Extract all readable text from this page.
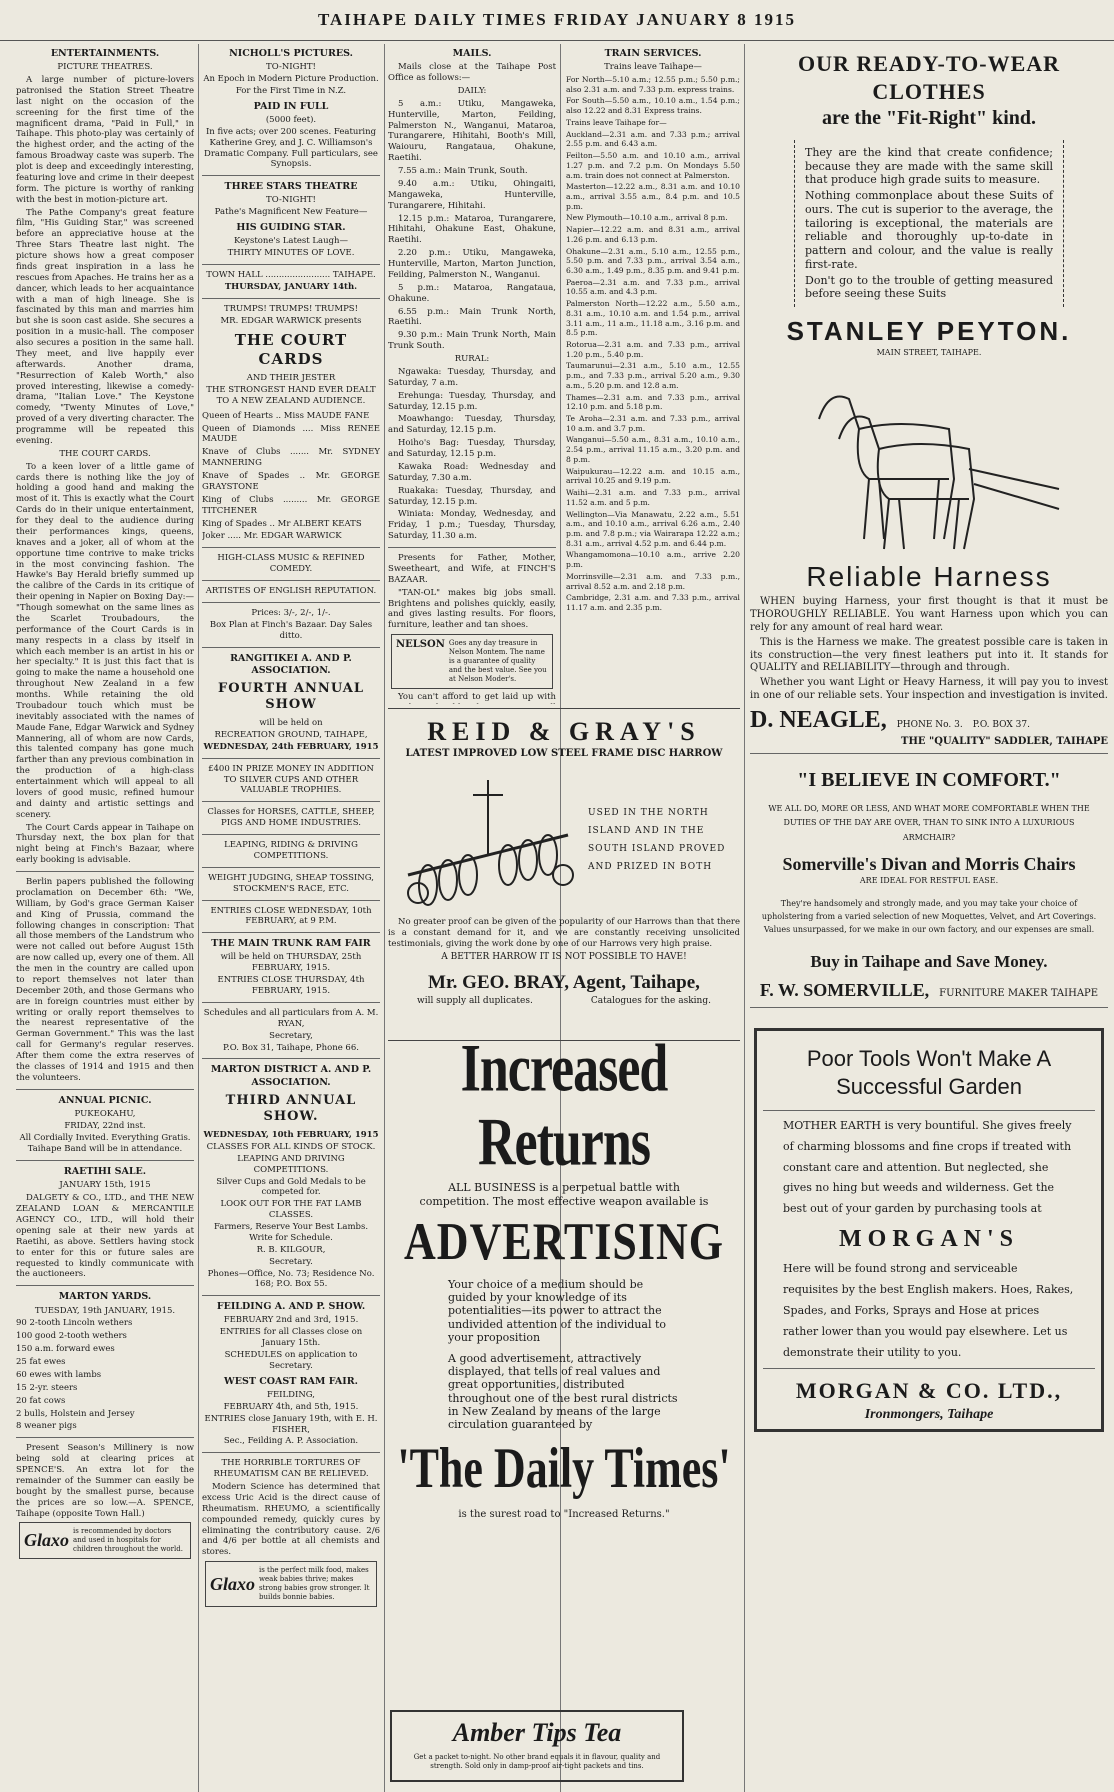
TAIHAPE DAILY TIMES FRIDAY JANUARY 8 1915
ENTERTAINMENTS.
PICTURE THEATRES.

A large number of picture-lovers patronised the Station Street Theatre last night on the occasion of the screening for the first time of the magnificent drama, "Paid in Full," in Taihape. This photo-play was certainly of the highest order, and the acting of the famous Broadway caste was superb. The plot is deep and exceedingly interesting, featuring love and crime in their deepest form. The picture is worthy of ranking with the best in motion-picture art.

The Pathe Company's great feature film, "His Guiding Star," was screened before an appreciative house at the Three Stars Theatre last night. The picture shows how a great composer finds great inspiration in a lass he rescues from Apaches. He trains her as a dancer, which leads to her acquaintance with a man of high lineage. She is fascinated by this man and marries him but she is soon cast aside. She secures a position in a music-hall. The composer also secures a position in the same hall. They meet, and live happily ever afterwards. Another drama, "Resurrection of Kaleb Worth," also proved interesting, likewise a comedy-drama, "Italian Love." The Keystone comedy, "Twenty Minutes of Love," proved of a very diverting character. The programme will be repeated this evening.

THE COURT CARDS.

To a keen lover of a little game of cards there is nothing like the joy of holding a good hand and making the most of it. This is exactly what the Court Cards do in their unique entertainment, for they deal to the audience during their performances kings, queens, knaves and a joker, all of whom at the opportune time contrive to make tricks in the most convincing fashion. The Hawke's Bay Herald briefly summed up the calibre of the Cards in its critique of their opening in Napier on Boxing Day:— "Though somewhat on the same lines as the Scarlet Troubadours, the performance of the Court Cards is in many respects in a class by itself in which each member is an artist in his or her specialty." It is just this fact that is going to make the name a household one throughout New Zealand in a few months. While retaining the old Troubadour touch which must be inevitably associated with the names of Maude Fane, Edgar Warwick and Sydney Mannering, all of whom are now Cards, this talented company has gone much farther than any previous combination in the production of a high-class entertainment which will appeal to all lovers of good music, refined humour and dainty and artistic settings and scenery.

The Court Cards appear in Taihape on Thursday next, the box plan for that night being at Finch's Bazaar, where early booking is advisable.

Berlin papers published the following proclamation on December 6th: "We, William, by God's grace German Kaiser and King of Prussia, command the following changes in conscription: That all those members of the Landstrum who were not called out before August 15th are now called up, every one of them. All the men in the country are called upon to report themselves not later than December 20th, and those Germans who are in foreign countries must either by writing or orally report themselves to the nearest representative of the German Government." This was the last call for Germany's regular reserves. After them come the extra reserves of the classes of 1914 and 1915 and then the volunteers.

ANNUAL PICNIC.
PUKEOKAHU,
FRIDAY, 22nd inst.
All Cordially Invited. Everything Gratis.
Taihape Band will be in attendance.
RAETIHI SALE.
JANUARY 15th, 1915

DALGETY & CO., LTD., and THE NEW ZEALAND LOAN & MERCANTILE AGENCY CO., LTD., will hold their opening sale at their new yards at Raetihi, as above. Settlers having stock to enter for this or future sales are requested to kindly communicate with the auctioneers.

MARTON YARDS.
TUESDAY, 19th JANUARY, 1915.

90 2-tooth Lincoln wethers

100 good 2-tooth wethers

150 a.m. forward ewes

25 fat ewes

60 ewes with lambs

15 2-yr. steers

20 fat cows

2 bulls, Holstein and Jersey

8 weaner pigs

Present Season's Millinery is now being sold at clearing prices at SPENCE'S. An extra lot for the remainder of the Summer can easily be bought by the smallest purse, because the prices are so low.—A. SPENCE, Taihape (opposite Town Hall.)

Glaxo is recommended by doctors and used in hospitals for children throughout the world.
NICHOLL'S PICTURES.
TO-NIGHT!
An Epoch in Modern Picture Production.
For the First Time in N.Z.
PAID IN FULL
(5000 feet).
In five acts; over 200 scenes. Featuring Katherine Grey, and J. C. Williamson's Dramatic Company. Full particulars, see Synopsis.
THREE STARS THEATRE
TO-NIGHT!
Pathe's Magnificent New Feature—
HIS GUIDING STAR.
Keystone's Latest Laugh—
THIRTY MINUTES OF LOVE.
TOWN HALL ........................ TAIHAPE.
THURSDAY, JANUARY 14th.
TRUMPS! TRUMPS! TRUMPS!
MR. EDGAR WARWICK presents
THE COURT CARDS
AND THEIR JESTER
THE STRONGEST HAND EVER DEALT TO A NEW ZEALAND AUDIENCE.

Queen of Hearts .. Miss MAUDE FANE

Queen of Diamonds .... Miss RENEE MAUDE

Knave of Clubs ....... Mr. SYDNEY MANNERING

Knave of Spades .. Mr. GEORGE GRAYSTONE

King of Clubs ......... Mr. GEORGE TITCHENER

King of Spades .. Mr ALBERT KEATS

Joker ..... Mr. EDGAR WARWICK

HIGH-CLASS MUSIC & REFINED COMEDY.
ARTISTES OF ENGLISH REPUTATION.
Prices: 3/-, 2/-, 1/-.
Box Plan at Finch's Bazaar. Day Sales ditto.
RANGITIKEI A. AND P. ASSOCIATION.
FOURTH ANNUAL SHOW
will be held on
RECREATION GROUND, TAIHAPE,
WEDNESDAY, 24th FEBRUARY, 1915
£400 IN PRIZE MONEY IN ADDITION TO SILVER CUPS AND OTHER VALUABLE TROPHIES.
Classes for HORSES, CATTLE, SHEEP, PIGS AND HOME INDUSTRIES.
LEAPING, RIDING & DRIVING COMPETITIONS.
WEIGHT JUDGING, SHEAP TOSSING, STOCKMEN'S RACE, ETC.
ENTRIES CLOSE WEDNESDAY, 10th FEBRUARY, at 9 P.M.
THE MAIN TRUNK RAM FAIR
will be held on THURSDAY, 25th FEBRUARY, 1915.
ENTRIES CLOSE THURSDAY, 4th FEBRUARY, 1915.
Schedules and all particulars from A. M. RYAN,
Secretary,
P.O. Box 31, Taihape, Phone 66.
MARTON DISTRICT A. AND P. ASSOCIATION.
THIRD ANNUAL SHOW.
WEDNESDAY, 10th FEBRUARY, 1915
CLASSES FOR ALL KINDS OF STOCK.
LEAPING AND DRIVING COMPETITIONS.
Silver Cups and Gold Medals to be competed for.
LOOK OUT FOR THE FAT LAMB CLASSES.
Farmers, Reserve Your Best Lambs. Write for Schedule.
R. B. KILGOUR,
Secretary.
Phones—Office, No. 73; Residence No. 168; P.O. Box 55.
FEILDING A. AND P. SHOW.
FEBRUARY 2nd and 3rd, 1915.
ENTRIES for all Classes close on January 15th.
SCHEDULES on application to Secretary.
WEST COAST RAM FAIR.
FEILDING,
FEBRUARY 4th, and 5th, 1915.
ENTRIES close January 19th, with E. H. FISHER,
Sec., Feilding A. P. Association.
THE HORRIBLE TORTURES OF RHEUMATISM CAN BE RELIEVED.

Modern Science has determined that excess Uric Acid is the direct cause of Rheumatism. RHEUMO, a scientifically compounded remedy, quickly cures by eliminating the contributory cause. 2/6 and 4/6 per bottle at all chemists and stores.

Glaxo
is the perfect milk food, makes weak babies thrive; makes strong babies grow stronger. It builds bonnie babies.
MAILS.

Mails close at the Taihape Post Office as follows:—

DAILY:

5 a.m.: Utiku, Mangaweka, Hunterville, Marton, Feilding, Palmerston N., Wanganui, Mataroa, Turangarere, Hihitahi, Booth's Mill, Waiouru, Rangataua, Ohakune, Raetihi.

7.55 a.m.: Main Trunk, South.

9.40 a.m.: Utiku, Ohingaiti, Mangaweka, Hunterville, Turangarere, Hihitahi.

12.15 p.m.: Mataroa, Turangarere, Hihitahi, Ohakune East, Ohakune, Raetihi.

2.20 p.m.: Utiku, Mangaweka, Hunterville, Marton, Marton Junction, Feilding, Palmerston N., Wanganui.

5 p.m.: Mataroa, Rangataua, Ohakune.

6.55 p.m.: Main Trunk North, Raetihi.

9.30 p.m.: Main Trunk North, Main Trunk South.

RURAL:

Ngawaka: Tuesday, Thursday, and Saturday, 7 a.m.

Erehunga: Tuesday, Thursday, and Saturday, 12.15 p.m.

Moawhango: Tuesday, Thursday, and Saturday, 12.15 p.m.

Hoiho's Bag: Tuesday, Thursday, and Saturday, 12.15 p.m.

Kawaka Road: Wednesday and Saturday, 7.30 a.m.

Ruakaka: Tuesday, Thursday, and Saturday, 12.15 p.m.

Winiata: Monday, Wednesday, and Friday, 1 p.m.; Tuesday, Thursday, Saturday, 11.30 a.m.

Presents for Father, Mother, Sweetheart, and Wife, at FINCH'S BAZAAR.

"TAN-OL" makes big jobs small. Brightens and polishes quickly, easily, and gives lasting results. For floors, furniture, leather and tan shoes.

NELSON Goes any day treasure in Nelson Montem. The name is a guarantee of quality and the best value. See you at Nelson Moder's.

You can't afford to get laid up with

TRAIN SERVICES.
Trains leave Taihape—

For North—5.10 a.m.; 12.55 p.m.; 5.50 p.m.; also 2.31 a.m. and 7.33 p.m. express trains.

For South—5.50 a.m., 10.10 a.m., 1.54 p.m.; also 12.22 and 8.31 Express trains.

Trains leave Taihape for—

Auckland—2.31 a.m. and 7.33 p.m.; arrival 2.55 p.m. and 6.43 a.m.

Feilton—5.50 a.m. and 10.10 a.m., arrival 1.27 p.m. and 7.2 p.m. On Mondays 5.50 a.m. train does not connect at Palmerston.

Masterton—12.22 a.m., 8.31 a.m. and 10.10 a.m., arrival 3.55 a.m., 8.4 p.m. and 10.5 p.m.

New Plymouth—10.10 a.m., arrival 8 p.m.

Napier—12.22 a.m. and 8.31 a.m., arrival 1.26 p.m. and 6.13 p.m.

Ohakune—2.31 a.m., 5.10 a.m., 12.55 p.m., 5.50 p.m. and 7.33 p.m., arrival 3.54 a.m., 6.30 a.m., 1.49 p.m., 8.35 p.m. and 9.41 p.m.

Paeroa—2.31 a.m. and 7.33 p.m., arrival 10.55 a.m. and 4.3 p.m.

Palmerston North—12.22 a.m., 5.50 a.m., 8.31 a.m., 10.10 a.m. and 1.54 p.m., arrival 3.11 a.m., 11 a.m., 11.18 a.m., 3.16 p.m. and 8.5 p.m.

Rotorua—2.31 a.m. and 7.33 p.m., arrival 1.20 p.m., 5.40 p.m.

Taumarunui—2.31 a.m., 5.10 a.m., 12.55 p.m., and 7.33 p.m., arrival 5.20 a.m., 9.30 a.m., 5.20 p.m. and 12.8 a.m.

Thames—2.31 a.m. and 7.33 p.m., arrival 12.10 p.m. and 5.18 p.m.

Te Aroha—2.31 a.m. and 7.33 p.m., arrival 10 a.m. and 3.7 p.m.

Wanganui—5.50 a.m., 8.31 a.m., 10.10 a.m., 2.54 p.m., arrival 11.15 a.m., 3.20 p.m. and 8 p.m.

Waipukurau—12.22 a.m. and 10.15 a.m., arrival 10.25 and 9.19 p.m.

Waihi—2.31 a.m. and 7.33 p.m., arrival 11.52 a.m. and 5 p.m.

Wellington—Via Manawatu, 2.22 a.m., 5.51 a.m., and 10.10 a.m., arrival 6.26 a.m., 2.40 p.m. and 7.8 p.m.; via Wairarapa 12.22 a.m.; 8.31 a.m., arrival 4.52 p.m. and 6.44 p.m.

Whangamomona—10.10 a.m., arrive 2.20 p.m.

Morrinsville—2.31 a.m. and 7.33 p.m., arrival 8.52 a.m. and 2.18 p.m.

Cambridge, 2.31 a.m. and 7.33 p.m., arrival 11.17 a.m. and 2.35 p.m.

REID & GRAY'S
LATEST IMPROVED LOW STEEL FRAME DISC HARROW
USED IN THE NORTH ISLAND AND IN THE SOUTH ISLAND PROVED AND PRIZED IN BOTH

No greater proof can be given of the popularity of our Harrows than that there is a constant demand for it, and we are constantly receiving unsolicited testimonials, giving the work done by one of our Harrows very high praise.

A BETTER HARROW IT IS NOT POSSIBLE TO HAVE!
Mr. GEO. BRAY, Agent, Taihape,
will supply all duplicates.	Catalogues for the asking.
Increased Returns
ALL BUSINESS is a perpetual battle with competition. The most effective weapon available is
ADVERTISING
Your choice of a medium should be guided by your knowledge of its potentialities—its power to attract the undivided attention of the individual to your proposition
A good advertisement, attractively displayed, that tells of real values and great opportunities, distributed throughout one of the best rural districts in New Zealand by means of the large circulation guaranteed by
'The Daily Times'
is the surest road to "Increased Returns."
Amber Tips Tea
Get a packet to-night. No other brand equals it in flavour, quality and strength. Sold only in damp-proof air-tight packets and tins.
OUR READY-TO-WEAR CLOTHES
are the "Fit-Right" kind.

They are the kind that create confidence; because they are made with the same skill that produce high grade suits to measure.

Nothing commonplace about these Suits of ours. The cut is superior to the average, the tailoring is exceptional, the materials are reliable and thoroughly up-to-date in pattern and colour, and the value is really first-rate.

Don't go to the trouble of getting measured before seeing these Suits

STANLEY PEYTON.
MAIN STREET, TAIHAPE.
Reliable Harness

WHEN buying Harness, your first thought is that it must be THOROUGHLY RELIABLE. You want Harness upon which you can rely for any amount of real hard wear.

This is the Harness we make. The greatest possible care is taken in its construction—the very finest leathers put into it. It stands for QUALITY and RELIABILITY—through and through.

Whether you want Light or Heavy Harness, it will pay you to invest in one of our reliable sets. Your inspection and investigation is invited.

D. NEAGLE, PHONE No. 3. P.O. BOX 37.
THE "QUALITY" SADDLER, TAIHAPE
"I BELIEVE IN COMFORT."
WE ALL DO, MORE OR LESS, AND WHAT MORE COMFORTABLE WHEN THE DUTIES OF THE DAY ARE OVER, THAN TO SINK INTO A LUXURIOUS ARMCHAIR?
Somerville's Divan and Morris Chairs
ARE IDEAL FOR RESTFUL EASE.
They're handsomely and strongly made, and you may take your choice of upholstering from a varied selection of new Moquettes, Velvet, and Art Coverings. Values unsurpassed, for we make in our own factory, and our expenses are small.
Buy in Taihape and Save Money.
F. W. SOMERVILLE, FURNITURE MAKER TAIHAPE
Poor Tools Won't Make A Successful Garden
MOTHER EARTH is very bountiful. She gives freely of charming blossoms and fine crops if treated with constant care and attention. But neglected, she gives no hing but weeds and wilderness. Get the best out of your garden by purchasing tools at
MORGAN'S
Here will be found strong and serviceable requisites by the best English makers. Hoes, Rakes, Spades, and Forks, Sprays and Hose at prices rather lower than you would pay elsewhere. Let us demonstrate their utility to you.
MORGAN & CO. LTD.,
Ironmongers, Taihape
